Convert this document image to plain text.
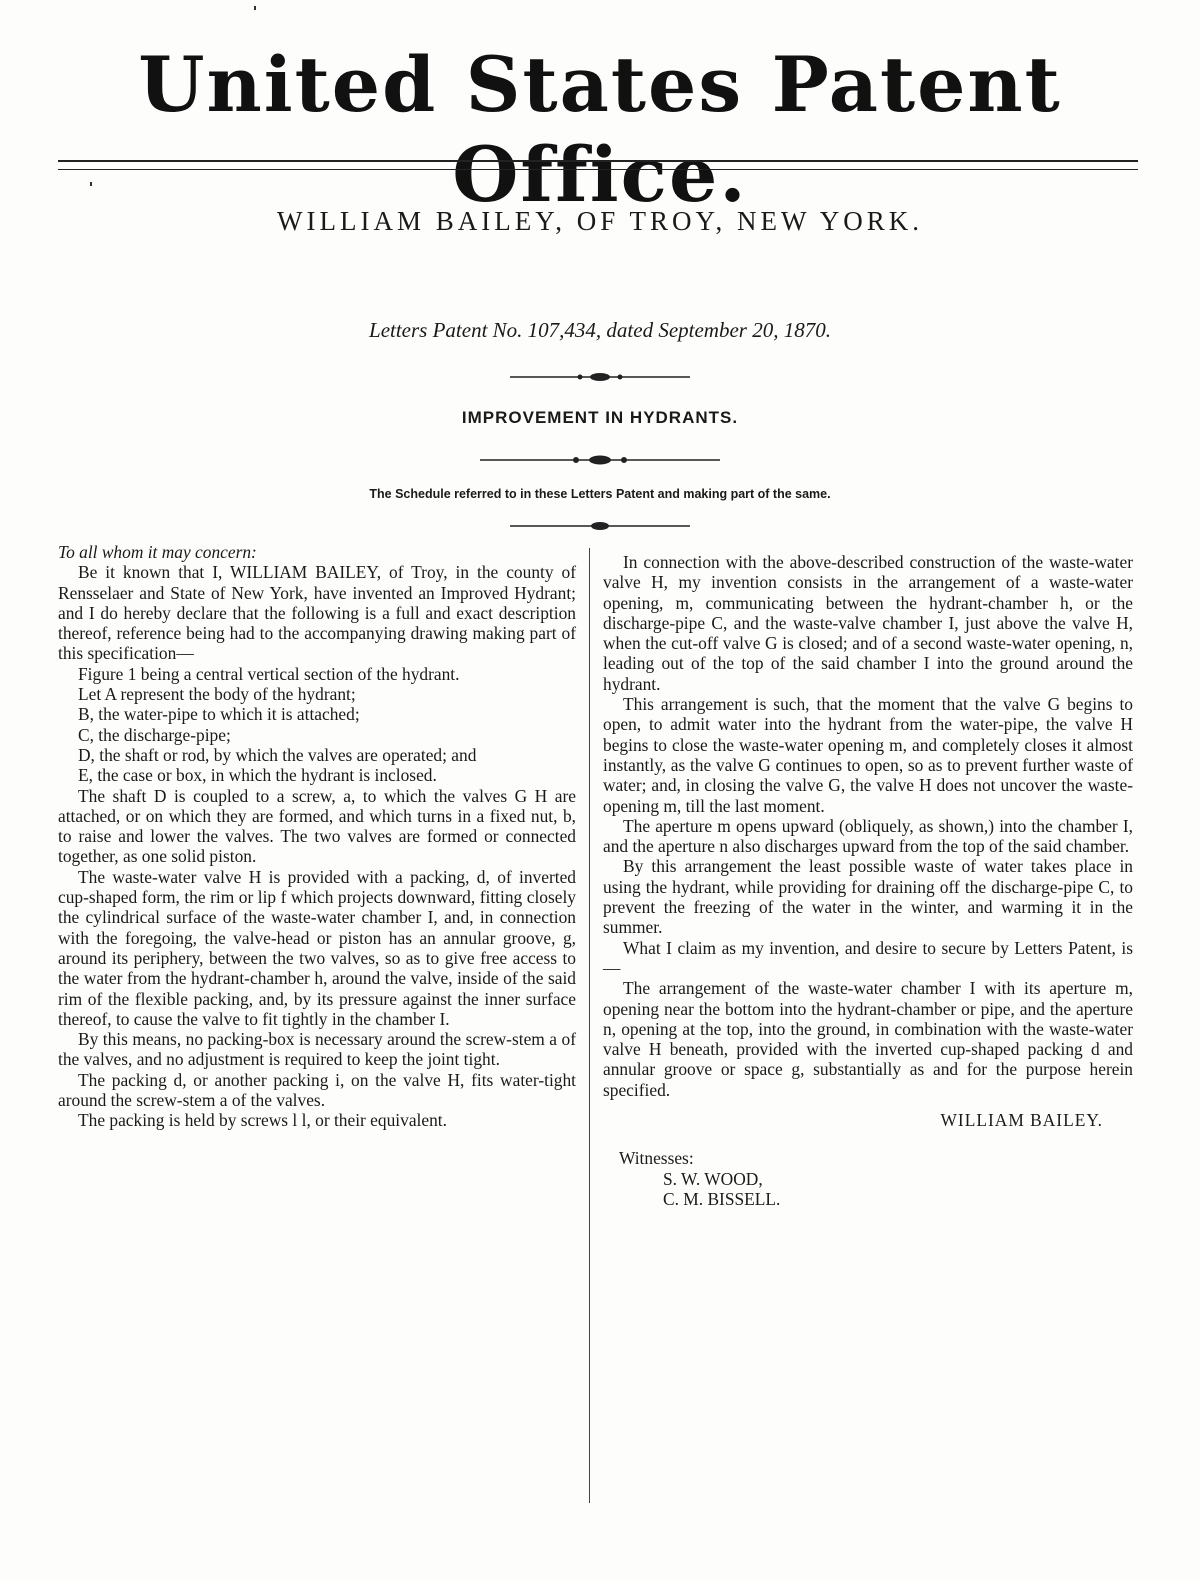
United States Patent Office.
WILLIAM BAILEY, OF TROY, NEW YORK.
Letters Patent No. 107,434, dated September 20, 1870.
IMPROVEMENT IN HYDRANTS.
The Schedule referred to in these Letters Patent and making part of the same.

To all whom it may concern:

Be it known that I, WILLIAM BAILEY, of Troy, in the county of Rensselaer and State of New York, have invented an Improved Hydrant; and I do hereby declare that the following is a full and exact description thereof, reference being had to the accompanying drawing making part of this specification—

Figure 1 being a central vertical section of the hydrant.

Let A represent the body of the hydrant;

B, the water-pipe to which it is attached;

C, the discharge-pipe;

D, the shaft or rod, by which the valves are operated; and

E, the case or box, in which the hydrant is inclosed.

The shaft D is coupled to a screw, a, to which the valves G H are attached, or on which they are formed, and which turns in a fixed nut, b, to raise and lower the valves. The two valves are formed or connected together, as one solid piston.

The waste-water valve H is provided with a packing, d, of inverted cup-shaped form, the rim or lip f which projects downward, fitting closely the cylindrical surface of the waste-water chamber I, and, in connection with the foregoing, the valve-head or piston has an annular groove, g, around its periphery, between the two valves, so as to give free access to the water from the hydrant-chamber h, around the valve, inside of the said rim of the flexible packing, and, by its pressure against the inner surface thereof, to cause the valve to fit tightly in the chamber I.

By this means, no packing-box is necessary around the screw-stem a of the valves, and no adjustment is required to keep the joint tight.

The packing d, or another packing i, on the valve H, fits water-tight around the screw-stem a of the valves.

The packing is held by screws l l, or their equivalent.

In connection with the above-described construction of the waste-water valve H, my invention consists in the arrangement of a waste-water opening, m, communicating between the hydrant-chamber h, or the discharge-pipe C, and the waste-valve chamber I, just above the valve H, when the cut-off valve G is closed; and of a second waste-water opening, n, leading out of the top of the said chamber I into the ground around the hydrant.

This arrangement is such, that the moment that the valve G begins to open, to admit water into the hydrant from the water-pipe, the valve H begins to close the waste-water opening m, and completely closes it almost instantly, as the valve G continues to open, so as to prevent further waste of water; and, in closing the valve G, the valve H does not uncover the waste-opening m, till the last moment.

The aperture m opens upward (obliquely, as shown,) into the chamber I, and the aperture n also discharges upward from the top of the said chamber.

By this arrangement the least possible waste of water takes place in using the hydrant, while providing for draining off the discharge-pipe C, to prevent the freezing of the water in the winter, and warming it in the summer.

What I claim as my invention, and desire to secure by Letters Patent, is—

The arrangement of the waste-water chamber I with its aperture m, opening near the bottom into the hydrant-chamber or pipe, and the aperture n, opening at the top, into the ground, in combination with the waste-water valve H beneath, provided with the inverted cup-shaped packing d and annular groove or space g, substantially as and for the purpose herein specified.

WILLIAM BAILEY.
Witnesses:
S. W. WOOD,
C. M. BISSELL.
